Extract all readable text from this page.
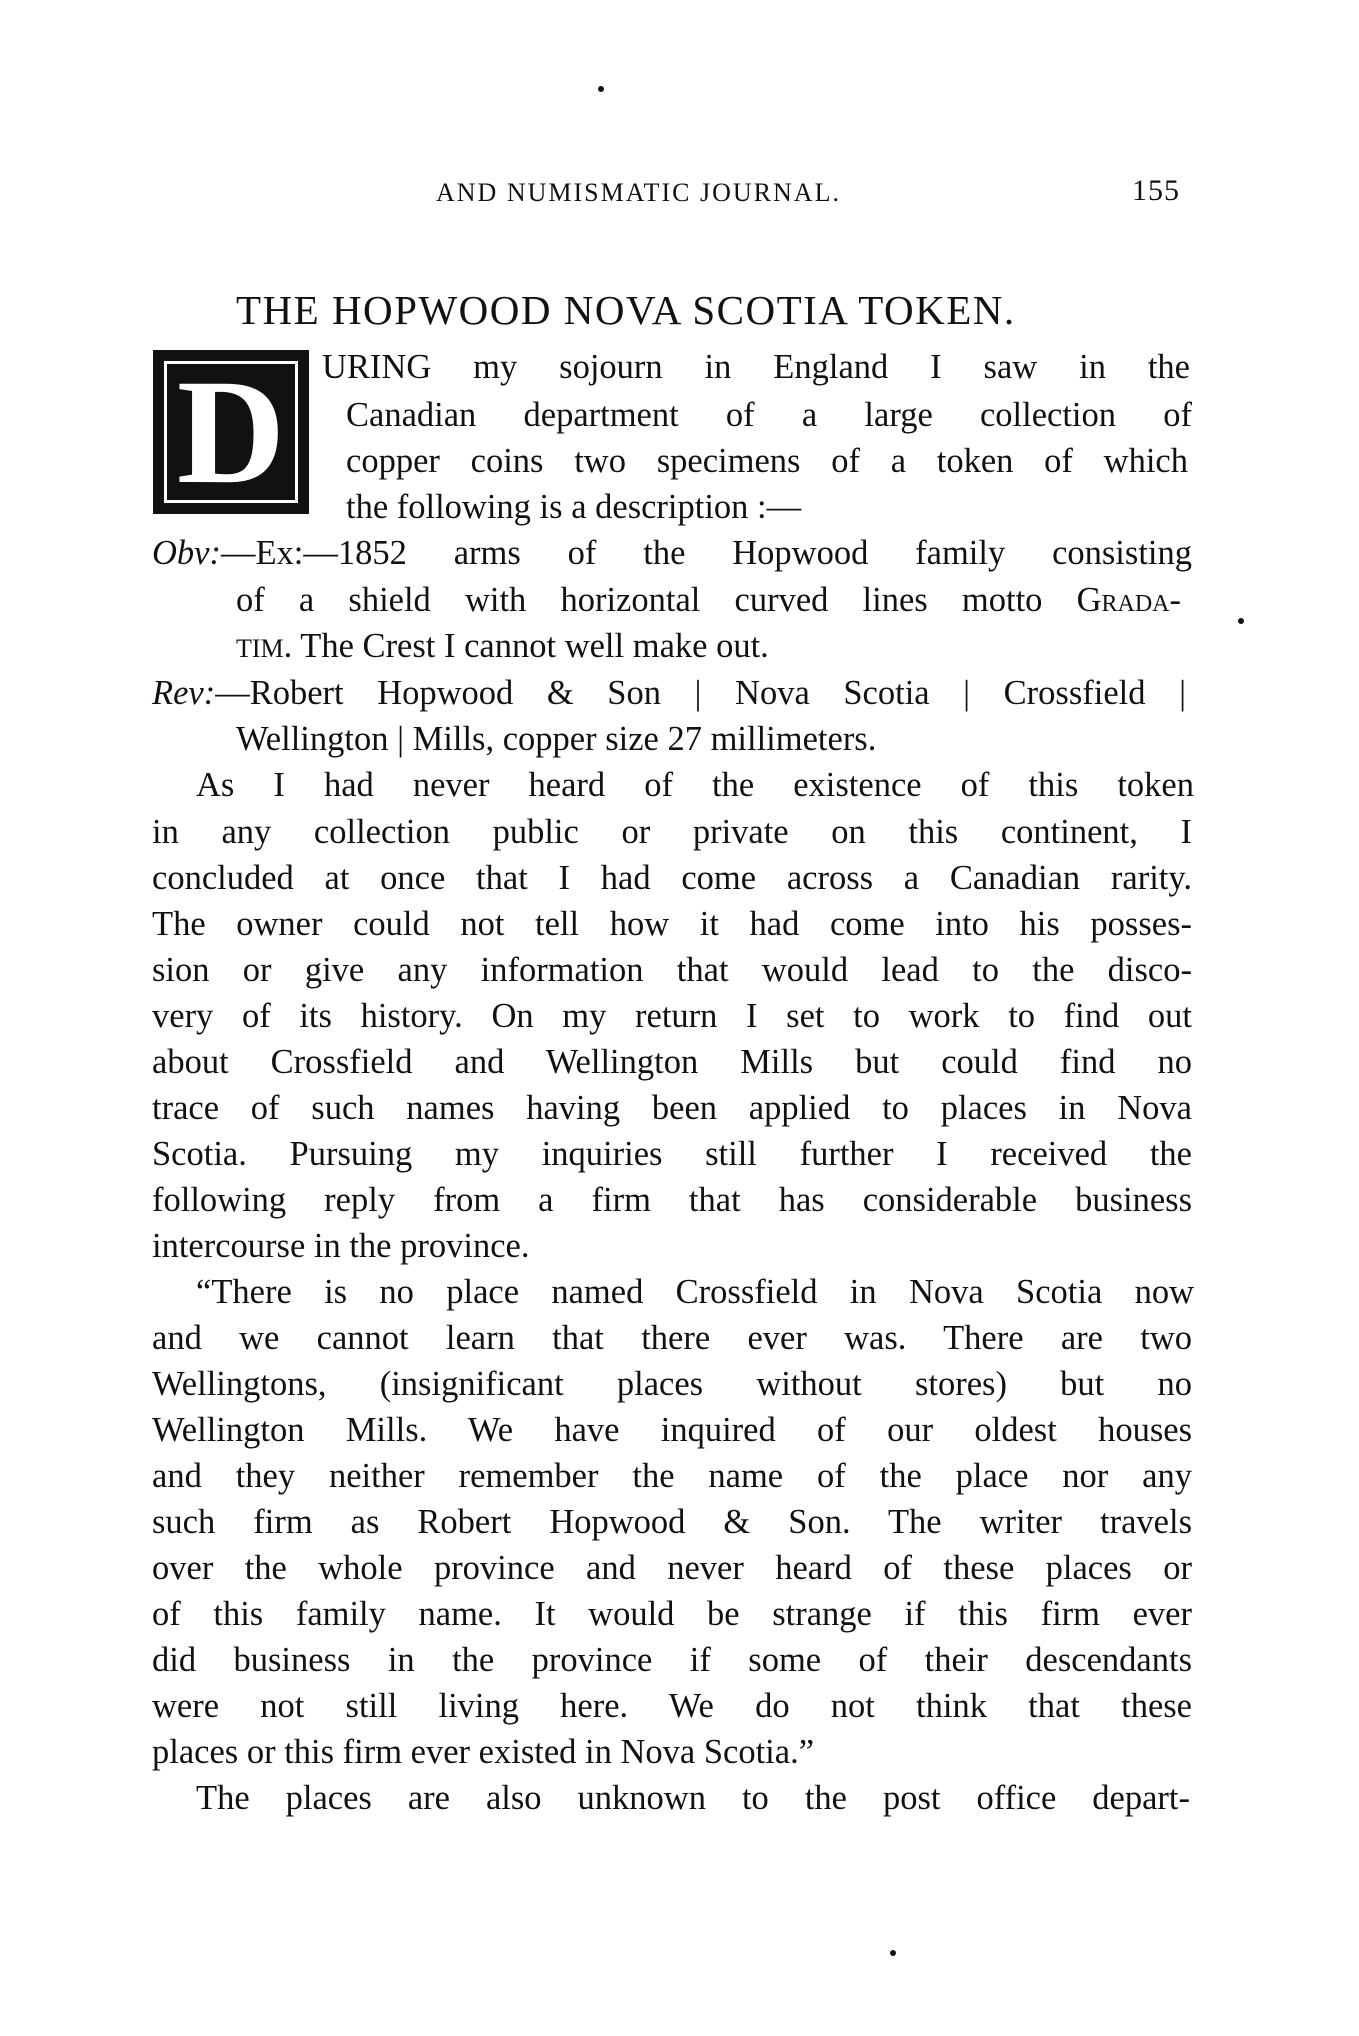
AND NUMISMATIC JOURNAL.	155
THE HOPWOOD NOVA SCOTIA TOKEN.
D	URING my sojourn in England I saw in the
Canadian department of a large collection of
copper coins two specimens of a token of which
the following is a description :—
Obv:—Ex:—1852 arms of the Hopwood family consisting
of a shield with horizontal curved lines motto Grada-
TIM. The Crest I cannot well make out.
Rev:—Robert Hopwood & Son | Nova Scotia | Crossfield |
Wellington | Mills, copper size 27 millimeters.
As I had never heard of the existence of this token
in any collection public or private on this continent, I
concluded at once that I had come across a Canadian rarity.
The owner could not tell how it had come into his posses-
sion or give any information that would lead to the disco-
very of its history. On my return I set to work to find out
about Crossfield and Wellington Mills but could find no
trace of such names having been applied to places in Nova
Scotia. Pursuing my inquiries still further I received the
following reply from a firm that has considerable business
intercourse in the province.
“There is no place named Crossfield in Nova Scotia now
and we cannot learn that there ever was. There are two
Wellingtons, (insignificant places without stores) but no
Wellington Mills. We have inquired of our oldest houses
and they neither remember the name of the place nor any
such firm as Robert Hopwood & Son. The writer travels
over the whole province and never heard of these places or
of this family name. It would be strange if this firm ever
did business in the province if some of their descendants
were not still living here. We do not think that these
places or this firm ever existed in Nova Scotia.”
The places are also unknown to the post office depart-
